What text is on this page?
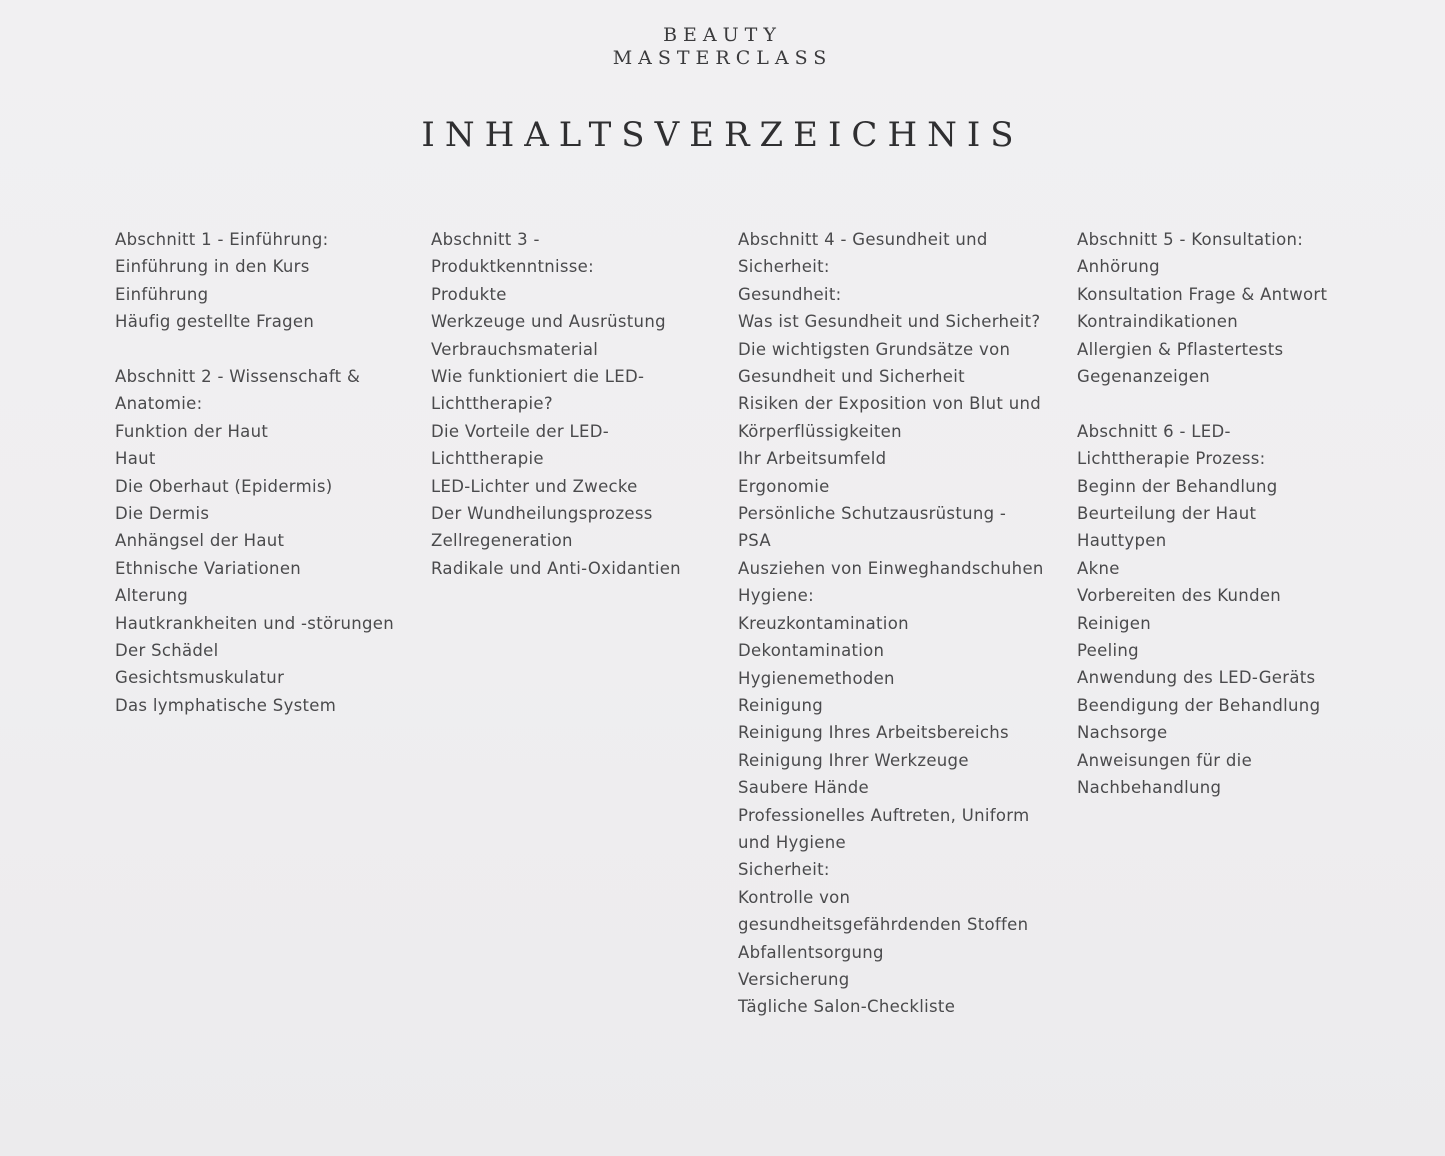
BEAUTY
MASTERCLASS
INHALTSVERZEICHNIS
Abschnitt 1 - Einführung:
Einführung in den Kurs
Einführung
Häufig gestellte Fragen
Abschnitt 2 - Wissenschaft &
Anatomie:
Funktion der Haut
Haut
Die Oberhaut (Epidermis)
Die Dermis
Anhängsel der Haut
Ethnische Variationen
Alterung
Hautkrankheiten und -störungen
Der Schädel
Gesichtsmuskulatur
Das lymphatische System
Abschnitt 3 -
Produktkenntnisse:
Produkte
Werkzeuge und Ausrüstung
Verbrauchsmaterial
Wie funktioniert die LED-
Lichttherapie?
Die Vorteile der LED-
Lichttherapie
LED-Lichter und Zwecke
Der Wundheilungsprozess
Zellregeneration
Radikale und Anti-Oxidantien
Abschnitt 4 - Gesundheit und
Sicherheit:
Gesundheit:
Was ist Gesundheit und Sicherheit?
Die wichtigsten Grundsätze von
Gesundheit und Sicherheit
Risiken der Exposition von Blut und
Körperflüssigkeiten
Ihr Arbeitsumfeld
Ergonomie
Persönliche Schutzausrüstung -
PSA
Ausziehen von Einweghandschuhen
Hygiene:
Kreuzkontamination
Dekontamination
Hygienemethoden
Reinigung
Reinigung Ihres Arbeitsbereichs
Reinigung Ihrer Werkzeuge
Saubere Hände
Professionelles Auftreten, Uniform
und Hygiene
Sicherheit:
Kontrolle von
gesundheitsgefährdenden Stoffen
Abfallentsorgung
Versicherung
Tägliche Salon-Checkliste
Abschnitt 5 - Konsultation:
Anhörung
Konsultation Frage & Antwort
Kontraindikationen
Allergien & Pflastertests
Gegenanzeigen
Abschnitt 6 - LED-
Lichttherapie Prozess:
Beginn der Behandlung
Beurteilung der Haut
Hauttypen
Akne
Vorbereiten des Kunden
Reinigen
Peeling
Anwendung des LED-Geräts
Beendigung der Behandlung
Nachsorge
Anweisungen für die
Nachbehandlung
